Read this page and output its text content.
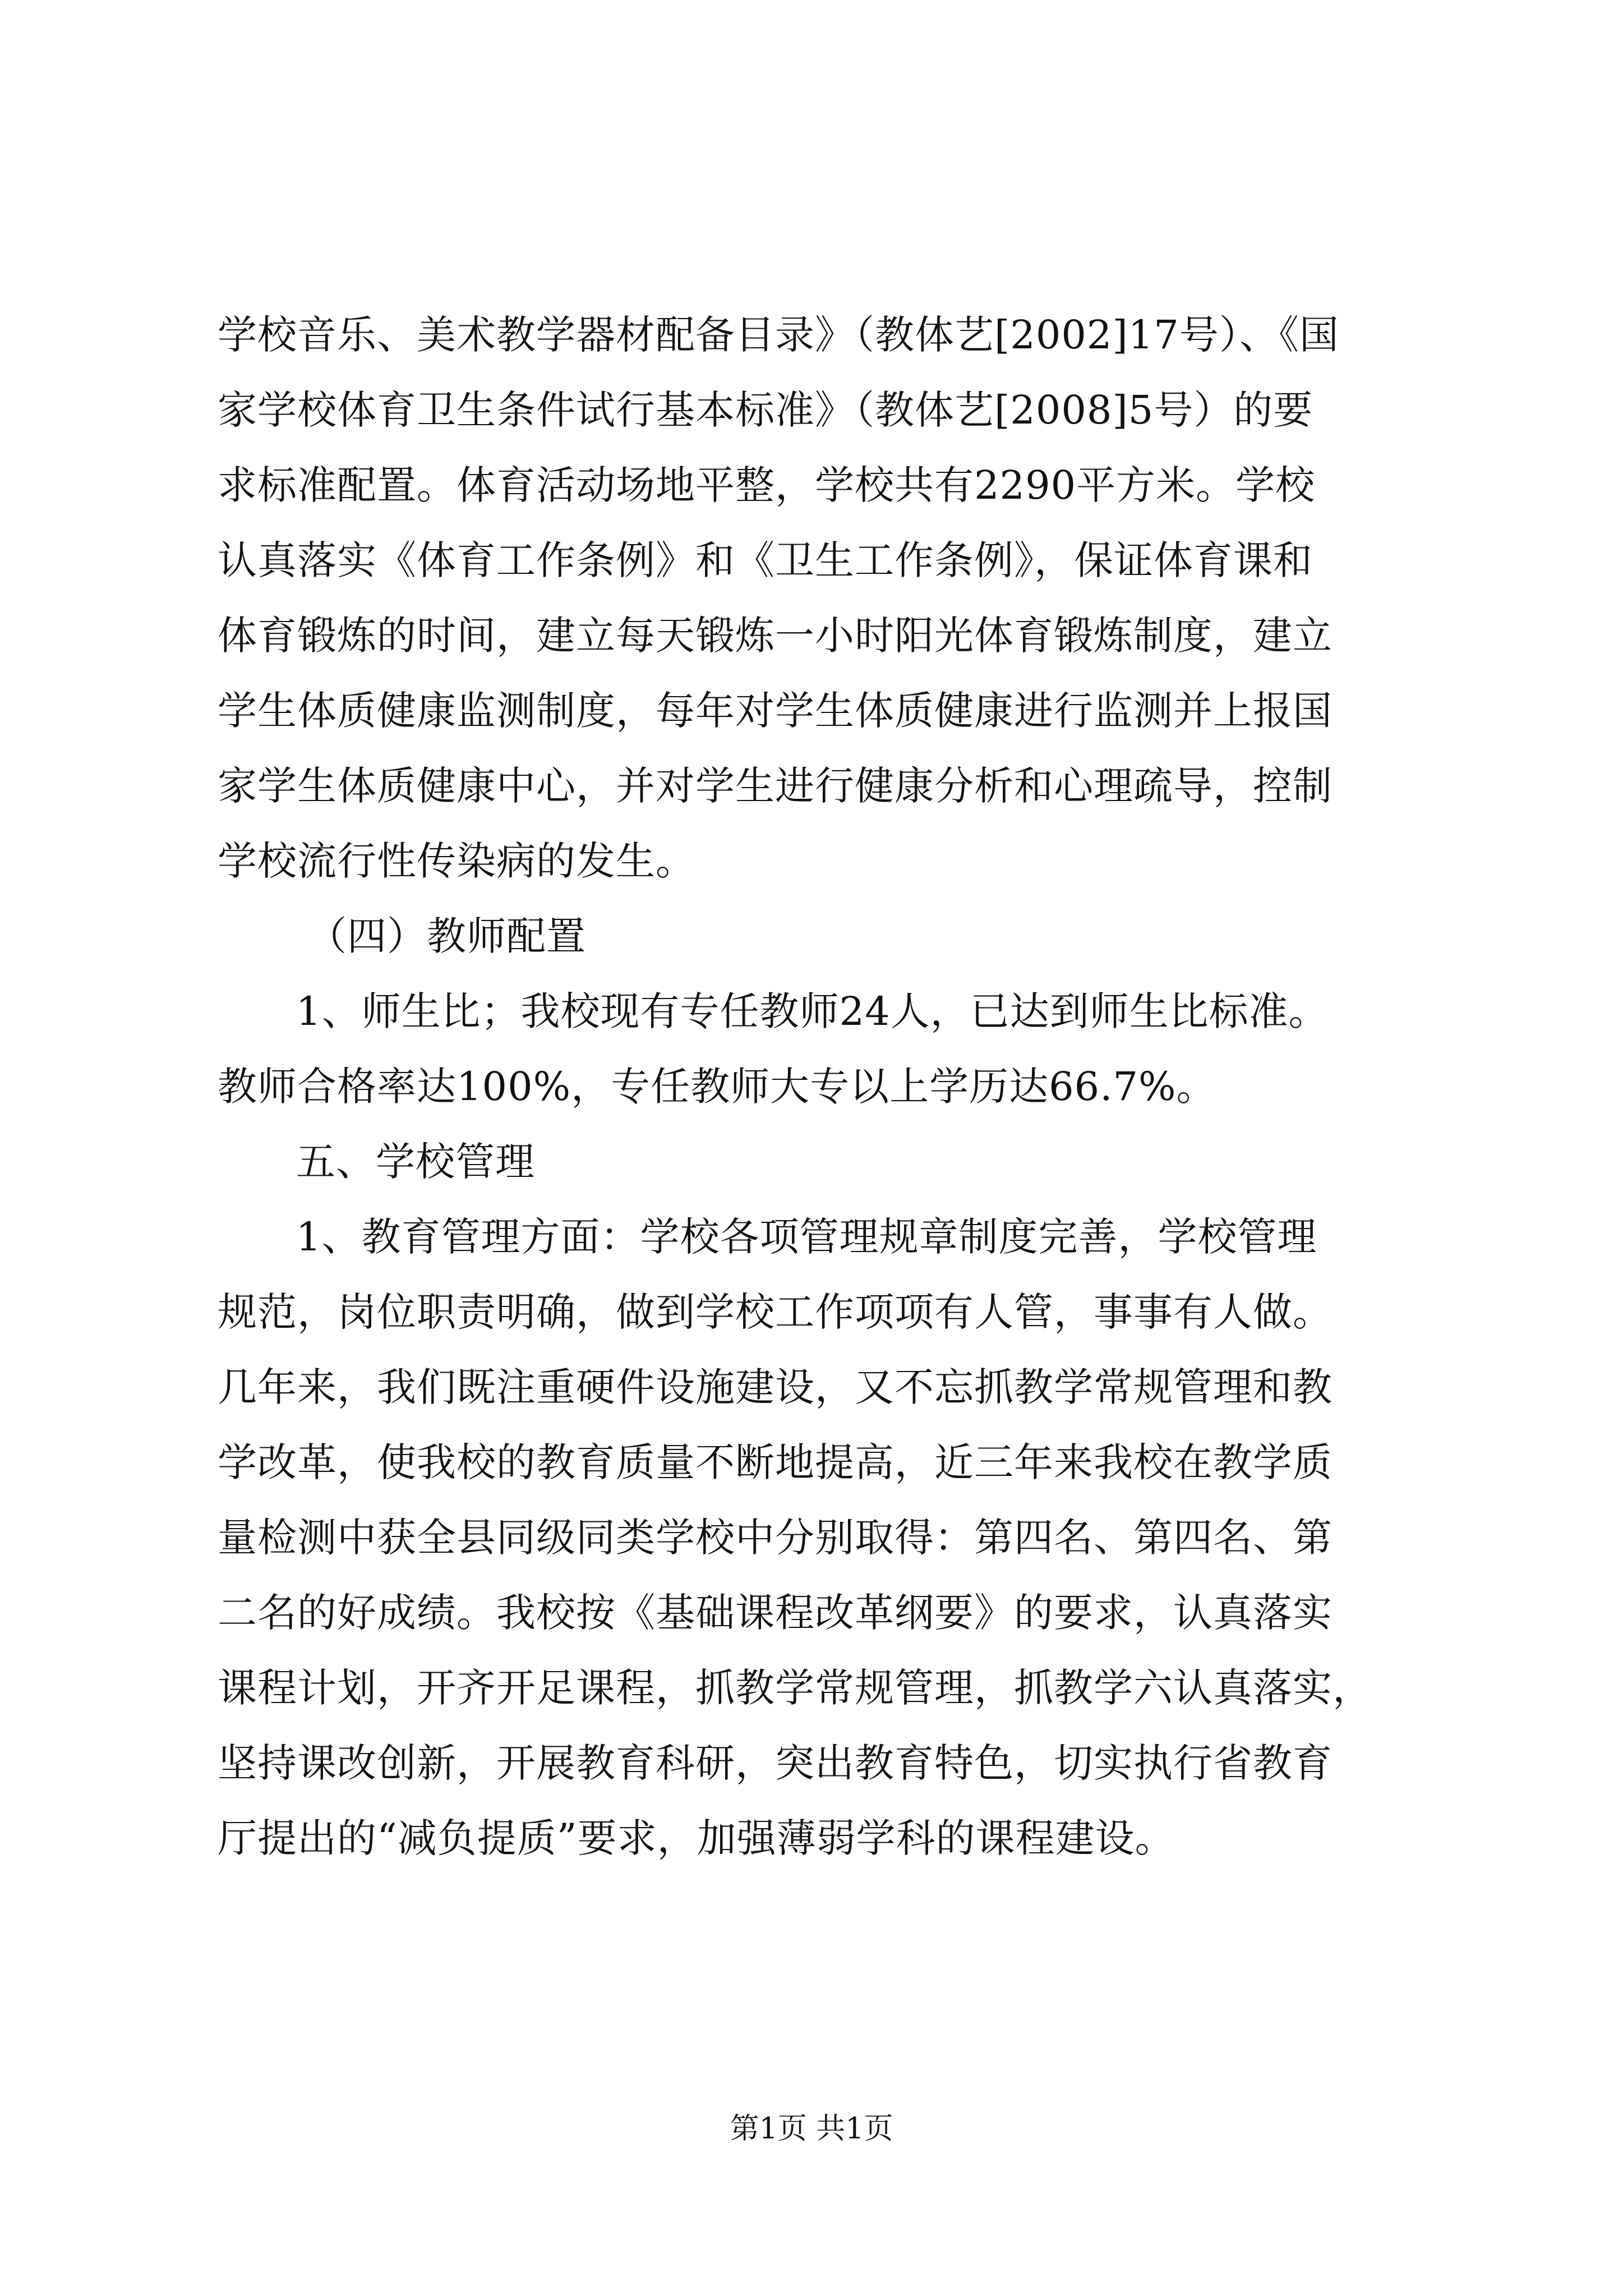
学校音乐、美术教学器材配备目录》（教体艺[2002]17号）、《国
家学校体育卫生条件试行基本标准》（教体艺[2008]5号）的要
求标准配置。体育活动场地平整，学校共有2290平方米。学校
认真落实《体育工作条例》和《卫生工作条例》，保证体育课和
体育锻炼的时间，建立每天锻炼一小时阳光体育锻炼制度，建立
学生体质健康监测制度，每年对学生体质健康进行监测并上报国
家学生体质健康中心，并对学生进行健康分析和心理疏导，控制
学校流行性传染病的发生。
（四）教师配置
1、师生比；我校现有专任教师24人，已达到师生比标准。
教师合格率达100%，专任教师大专以上学历达66.7%。
五、学校管理
1、教育管理方面：学校各项管理规章制度完善，学校管理
规范，岗位职责明确，做到学校工作项项有人管，事事有人做。
几年来，我们既注重硬件设施建设，又不忘抓教学常规管理和教
学改革，使我校的教育质量不断地提高，近三年来我校在教学质
量检测中获全县同级同类学校中分别取得：第四名、第四名、第
二名的好成绩。我校按《基础课程改革纲要》的要求，认真落实
课程计划，开齐开足课程，抓教学常规管理，抓教学六认真落实，
坚持课改创新，开展教育科研，突出教育特色，切实执行省教育
厅提出的“减负提质”要求，加强薄弱学科的课程建设。
第1页 共1页
